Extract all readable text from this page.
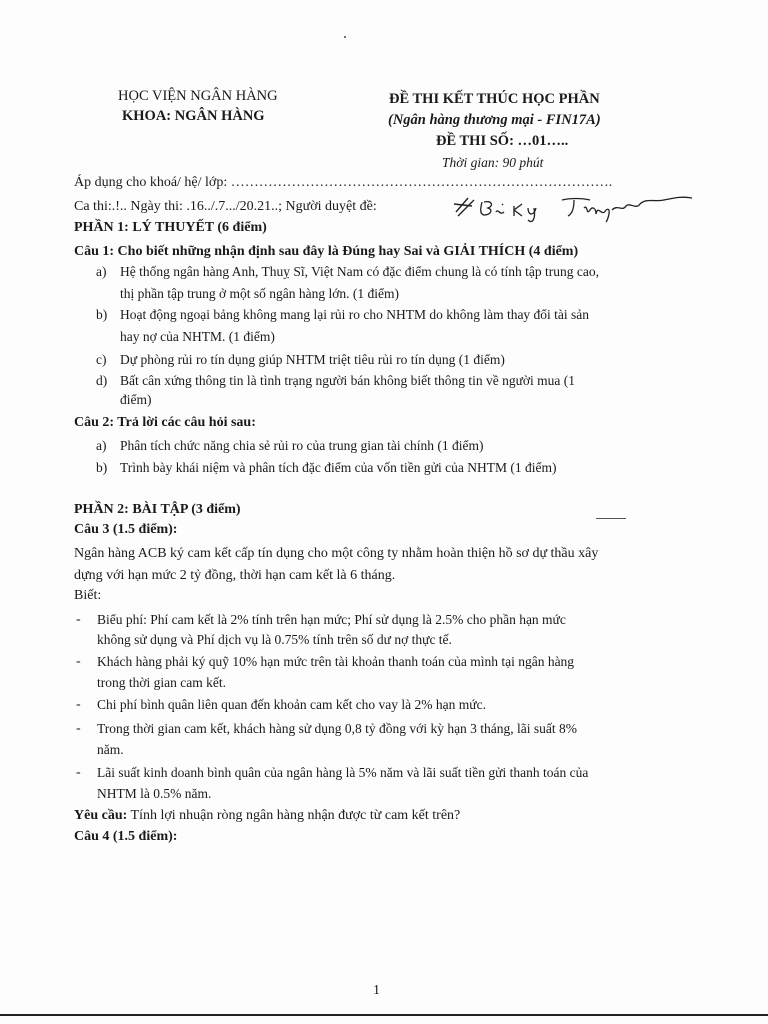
HỌC VIỆN NGÂN HÀNG
KHOA: NGÂN HÀNG
ĐỀ THI KẾT THÚC HỌC PHẦN
(Ngân hàng thương mại - FIN17A)
ĐỀ THI SỐ: …01…..
Thời gian: 90 phút
Áp dụng cho khoá/ hệ/ lớp: ……………………………………………………………………….
Ca thi:.!.. Ngày thi: .16../.7.../20.21..; Người duyệt đề:
PHẦN 1: LÝ THUYẾT (6 điểm)
Câu 1: Cho biết những nhận định sau đây là Đúng hay Sai và GIẢI THÍCH (4 điểm)
a) Hệ thống ngân hàng Anh, Thuỵ Sĩ, Việt Nam có đặc điểm chung là có tính tập trung cao,
thị phần tập trung ở một số ngân hàng lớn. (1 điểm)
b) Hoạt động ngoại bảng không mang lại rủi ro cho NHTM do không làm thay đổi tài sản
hay nợ của NHTM. (1 điểm)
c) Dự phòng rủi ro tín dụng giúp NHTM triệt tiêu rủi ro tín dụng (1 điểm)
d) Bất cân xứng thông tin là tình trạng người bán không biết thông tin về người mua (1
điểm)
Câu 2: Trả lời các câu hỏi sau:
a) Phân tích chức năng chia sẻ rủi ro của trung gian tài chính (1 điểm)
b) Trình bày khái niệm và phân tích đặc điểm của vốn tiền gửi của NHTM (1 điểm)
PHẦN 2: BÀI TẬP (3 điểm)
Câu 3 (1.5 điểm):
Ngân hàng ACB ký cam kết cấp tín dụng cho một công ty nhằm hoàn thiện hồ sơ dự thầu xây
dựng với hạn mức 2 tỷ đồng, thời hạn cam kết là 6 tháng.
Biết:
- Biểu phí: Phí cam kết là 2% tính trên hạn mức; Phí sử dụng là 2.5% cho phần hạn mức
không sử dụng và Phí dịch vụ là 0.75% tính trên số dư nợ thực tế.
- Khách hàng phải ký quỹ 10% hạn mức trên tài khoản thanh toán của mình tại ngân hàng
trong thời gian cam kết.
- Chi phí bình quân liên quan đến khoản cam kết cho vay là 2% hạn mức.
- Trong thời gian cam kết, khách hàng sử dụng 0,8 tỷ đồng với kỳ hạn 3 tháng, lãi suất 8%
năm.
- Lãi suất kinh doanh bình quân của ngân hàng là 5% năm và lãi suất tiền gửi thanh toán của
NHTM là 0.5% năm.
Yêu cầu: Tính lợi nhuận ròng ngân hàng nhận được từ cam kết trên?
Câu 4 (1.5 điểm):
1
